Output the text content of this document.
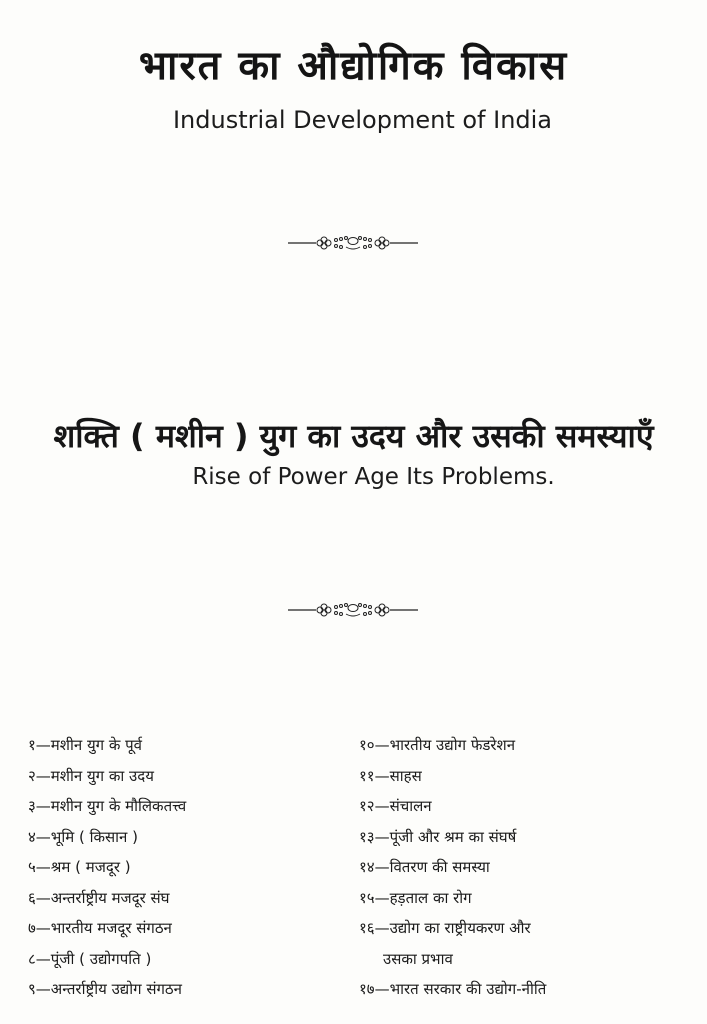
भारत का औद्योगिक विकास
Industrial Development of India
शक्ति ( मशीन ) युग का उदय और उसकी समस्याएँ
Rise of Power Age Its Problems.
१—मशीन युग के पूर्व
२—मशीन युग का उदय
३—मशीन युग के मौलिकतत्त्व
४—भूमि ( किसान )
५—श्रम ( मजदूर )
६—अन्तर्राष्ट्रीय मजदूर संघ
७—भारतीय मजदूर संगठन
८—पूंजी ( उद्योगपति )
९—अन्तर्राष्ट्रीय उद्योग संगठन
१०—भारतीय उद्योग फेडरेशन
११—साहस
१२—संचालन
१३—पूंजी और श्रम का संघर्ष
१४—वितरण की समस्या
१५—हड़ताल का रोग
१६—उद्योग का राष्ट्रीयकरण और
उसका प्रभाव
१७—भारत सरकार की उद्योग-नीति
